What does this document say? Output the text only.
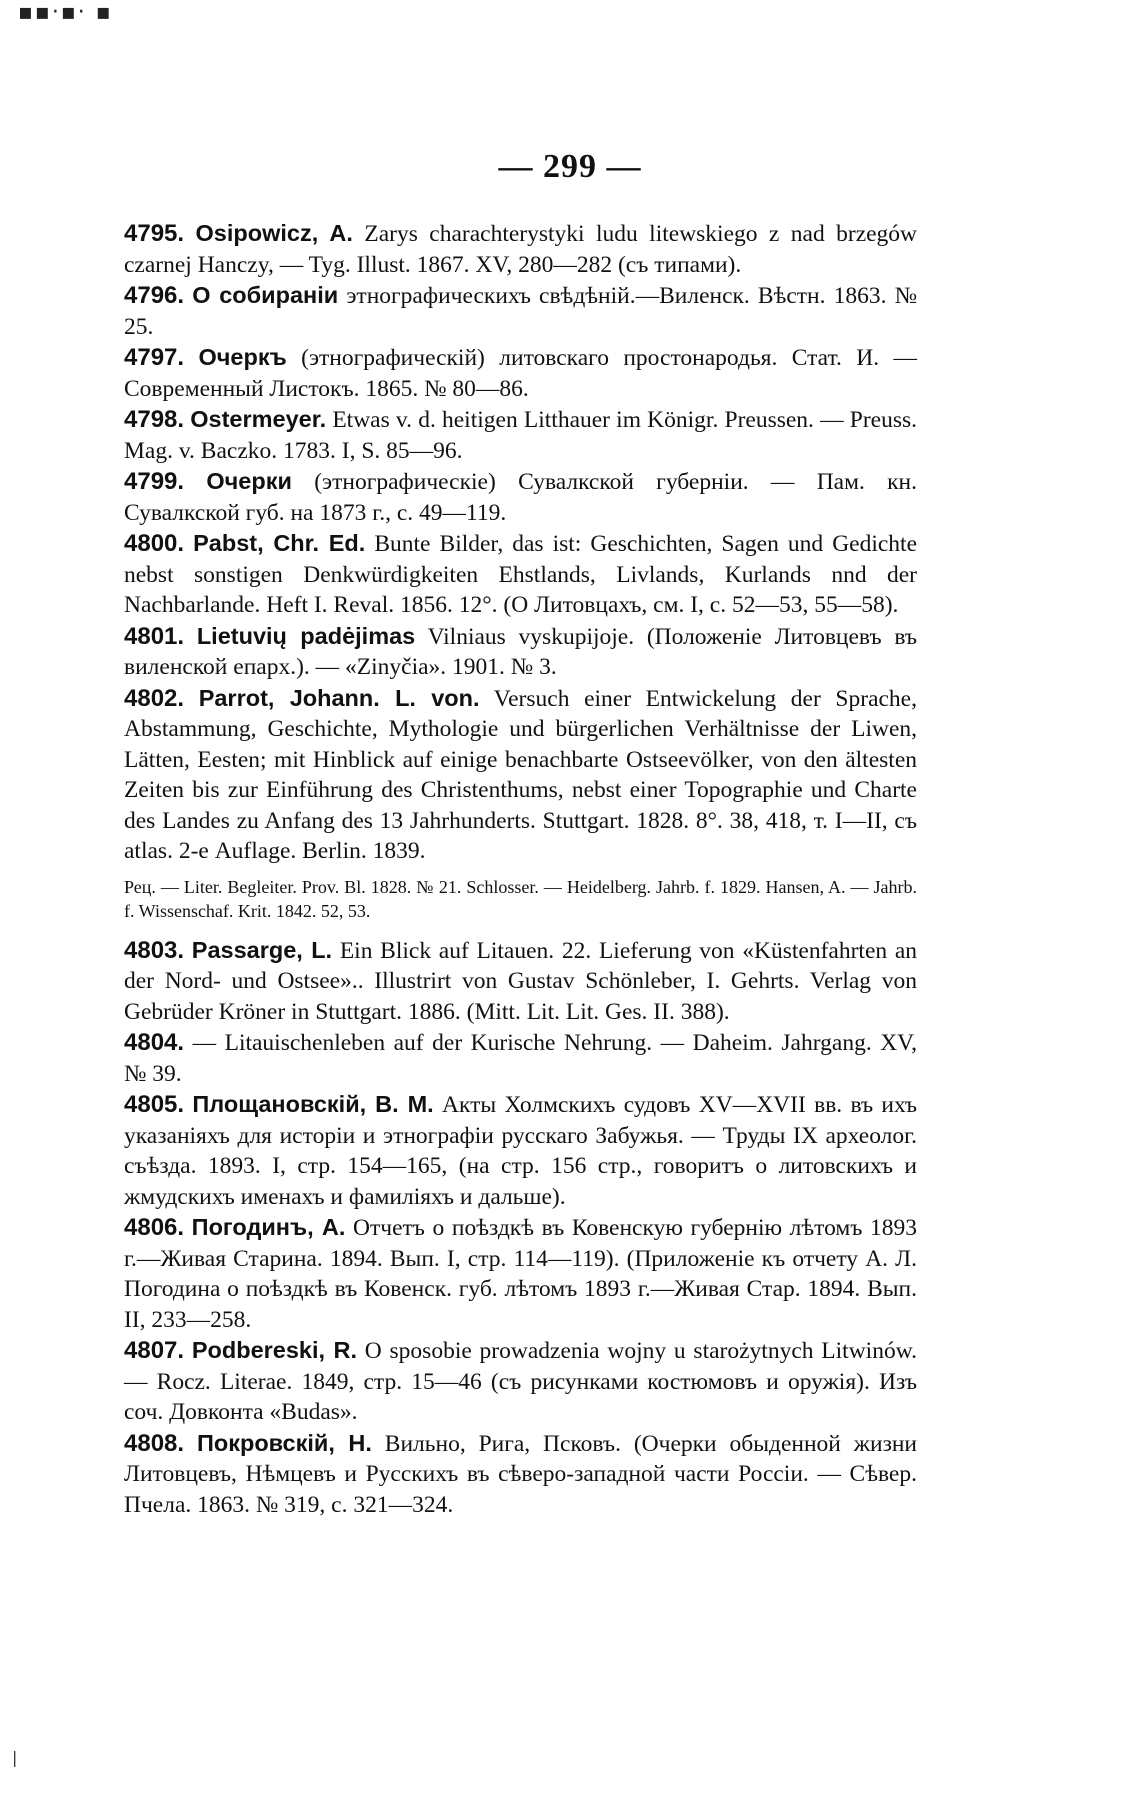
▪▪·▪· ▪
— 299 —

4795. Osipowicz, A. Zarys charachterystyki ludu litewskiego z nad brzegów czarnej Hanczy, — Tyg. Illust. 1867. XV, 280—282 (съ типами).

4796. О собираніи этнографическихъ свѣдѣній.—Виленск. Вѣстн. 1863. № 25.

4797. Очеркъ (этнографическій) литовскаго простонародья. Стат. И. — Современный Листокъ. 1865. № 80—86.

4798. Ostermeyer. Etwas v. d. heitigen Litthauer im Königr. Preussen. — Preuss. Mag. v. Baczko. 1783. I, S. 85—96.

4799. Очерки (этнографическіе) Сувалкской губерніи. — Пам. кн. Сувалкской губ. на 1873 г., с. 49—119.

4800. Pabst, Chr. Ed. Bunte Bilder, das ist: Geschichten, Sagen und Gedichte nebst sonstigen Denkwürdigkeiten Ehstlands, Livlands, Kurlands nnd der Nachbarlande. Heft I. Reval. 1856. 12°. (О Литовцахъ, см. I, с. 52—53, 55—58).

4801. Lietuvių padėjimas Vilniaus vyskupijoje. (Положеніе Литовцевъ въ виленской епарх.). — «Zinyčia». 1901. № 3.

4802. Parrot, Johann. L. von. Versuch einer Entwickelung der Sprache, Abstammung, Geschichte, Mythologie und bürgerlichen Verhältnisse der Liwen, Lätten, Eesten; mit Hinblick auf einige benachbarte Ostseevölker, von den ältesten Zeiten bis zur Einführung des Christenthums, nebst einer Topographie und Charte des Landes zu Anfang des 13 Jahrhunderts. Stuttgart. 1828. 8°. 38, 418, т. I—II, съ atlas. 2-е Auflage. Berlin. 1839.

Рец. — Liter. Begleiter. Prov. Bl. 1828. № 21. Schlosser. — Heidelberg. Jahrb. f. 1829. Hansen, A. — Jahrb. f. Wissenschaf. Krit. 1842. 52, 53.

4803. Passarge, L. Ein Blick auf Litauen. 22. Lieferung von «Küstenfahrten an der Nord- und Ostsee».. Illustrirt von Gustav Schönleber, I. Gehrts. Verlag von Gebrüder Kröner in Stuttgart. 1886. (Mitt. Lit. Lit. Ges. II. 388).

4804. — Litauischenleben auf der Kurische Nehrung. — Daheim. Jahrgang. XV, № 39.

4805. Площановскій, В. М. Акты Холмскихъ судовъ XV—XVII вв. въ ихъ указаніяхъ для исторіи и этнографіи русскаго Забужья. — Труды IX археолог. съѣзда. 1893. I, стр. 154—165, (на стр. 156 стр., говоритъ о литовскихъ и жмудскихъ именахъ и фамиліяхъ и дальше).

4806. Погодинъ, А. Отчетъ о поѣздкѣ въ Ковенскую губернію лѣтомъ 1893 г.—Живая Старина. 1894. Вып. I, стр. 114—119). (Приложеніе къ отчету А. Л. Погодина о поѣздкѣ въ Ковенск. губ. лѣтомъ 1893 г.—Живая Стар. 1894. Вып. II, 233—258.

4807. Podbereski, R. O sposobie prowadzenia wojny u starożytnych Litwinów. — Rocz. Literae. 1849, стр. 15—46 (съ рисунками костюмовъ и оружія). Изъ соч. Довконта «Budas».

4808. Покровскій, Н. Вильно, Рига, Псковъ. (Очерки обыденной жизни Литовцевъ, Нѣмцевъ и Русскихъ въ сѣверо-западной части Россіи. — Сѣвер. Пчела. 1863. № 319, с. 321—324.

|
